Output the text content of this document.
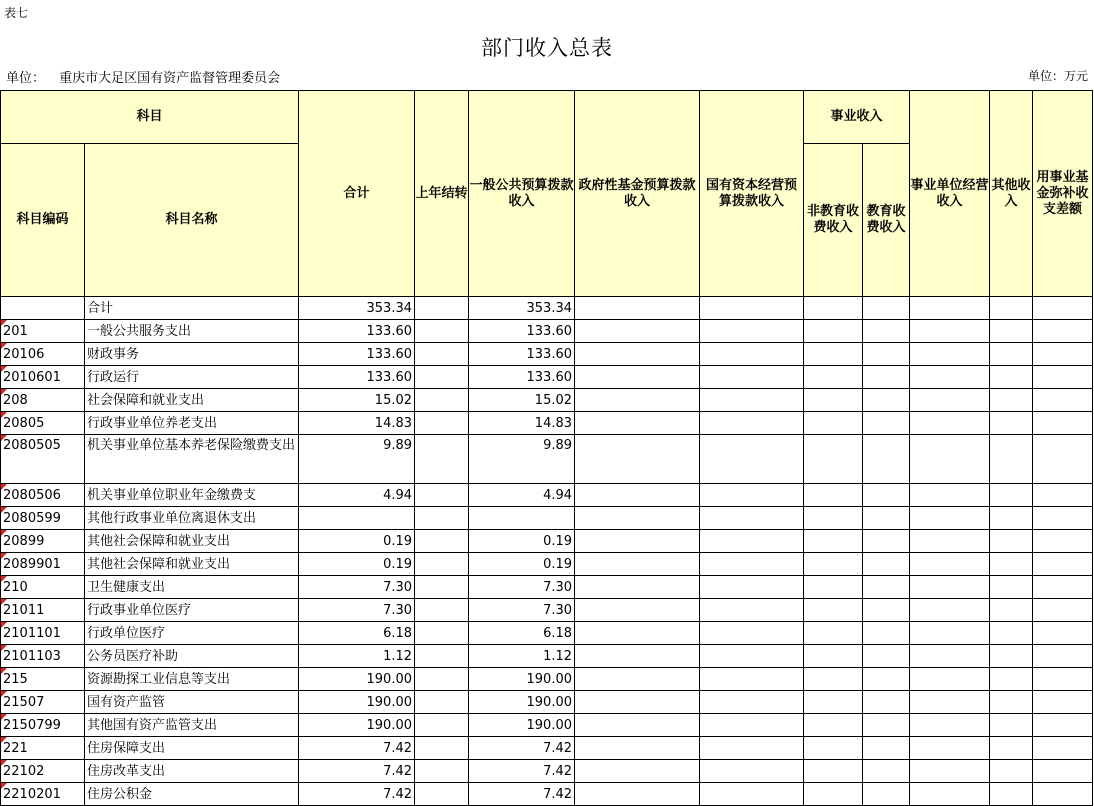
表七
部门收入总表
单位： 重庆市大足区国有资产监督管理委员会	单位：万元
科目		合计	上年结转	一般公共预算拨款收入	政府性基金预算拨款收入	国有资本经营预算拨款收入	事业收入		事业单位经营收入	其他收入	用事业基金弥补收支差额
科目编码	科目名称						非教育收费收入	教育收费收入			
	合计	353.34		353.34							
201	一般公共服务支出	133.60		133.60							
20106	财政事务	133.60		133.60							
2010601	行政运行	133.60		133.60							
208	社会保障和就业支出	15.02		15.02							
20805	行政事业单位养老支出	14.83		14.83							
2080505	机关事业单位基本养老保险缴费支出	9.89		9.89							
2080506	机关事业单位职业年金缴费支	4.94		4.94							
2080599	其他行政事业单位离退休支出										
20899	其他社会保障和就业支出	0.19		0.19							
2089901	其他社会保障和就业支出	0.19		0.19							
210	卫生健康支出	7.30		7.30							
21011	行政事业单位医疗	7.30		7.30							
2101101	行政单位医疗	6.18		6.18							
2101103	公务员医疗补助	1.12		1.12							
215	资源勘探工业信息等支出	190.00		190.00							
21507	国有资产监管	190.00		190.00							
2150799	其他国有资产监管支出	190.00		190.00							
221	住房保障支出	7.42		7.42							
22102	住房改革支出	7.42		7.42							
2210201	住房公积金	7.42		7.42							
